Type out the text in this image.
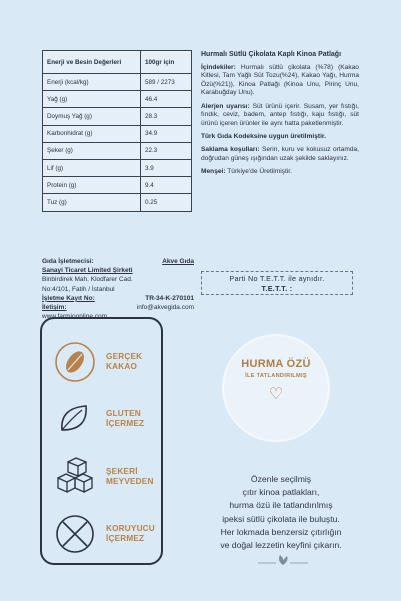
Enerji ve Besin Değerleri	100gr için
Enerji (kcal/kg)	589 / 2273
Yağ (g)	46.4
Doymuş Yağ (g)	28.3
Karbonhidrat (g)	34.9
Şeker (g)	22.3
Lif (g)	3.9
Protein (g)	9.4
Tuz (g)	0.25
Gıda İşletmecisi:	Akve Gıda
Sanayi Ticaret Limited Şirketi
Binbirdirek Mah. Klodfarer Cad.
No:4/101, Fatih / İstanbul
İşletme Kayıt No:	TR-34-K-270101
İletişim:	info@akvegida.com
www.farmioonline.com

Hurmalı Sütlü Çikolata Kaplı Kinoa Patlağı

İçindekiler: Hurmalı sütlü çikolata (%78) (Kakao Kitlesi, Tam Yağlı Süt Tozu(%24), Kakao Yağı, Hurma Özü(%21)), Kinoa Patlağı (Kinoa Unu, Pirinç Unu, Karabuğday Unu).

Alerjen uyarısı: Süt ürünü içerir. Susam, yer fıstığı, fındık, ceviz, badem, antep fıstığı, kaju fıstığı, süt ürünü içeren ürünler ile aynı hatta paketlenmiştir.

Türk Gıda Kodeksine uygun üretilmiştir.

Saklama koşulları: Serin, kuru ve kokusuz ortamda, doğrudan güneş ışığından uzak şekilde saklayınız.

Menşei: Türkiye'de Üretilmiştir.

Parti No T.E.T.T. ile aynıdır.
T.E.T.T. :
GERÇEK
KAKAO
GLUTEN
İÇERMEZ
ŞEKERİ
MEYVEDEN
KORUYUCU
İÇERMEZ
HURMA ÖZÜ
İLE TATLANDIRILMIŞ
♡
Özenle seçilmiş
çıtır kinoa patlakları,
hurma özü ile tatlandırılmış
ipeksi sütlü çikolata ile buluştu.
Her lokmada benzersiz çıtırlığın
ve doğal lezzetin keyfini çıkarın.
